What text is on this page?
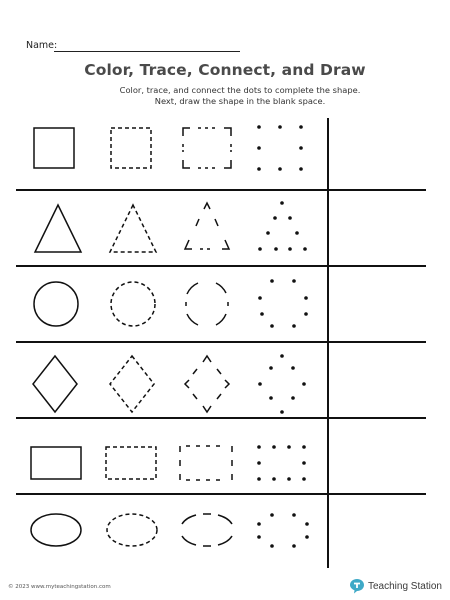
Name:
Color, Trace, Connect, and Draw
Color, trace, and connect the dots to complete the shape.
Next, draw the shape in the blank space.
© 2023 www.myteachingstation.com	Teaching Station
